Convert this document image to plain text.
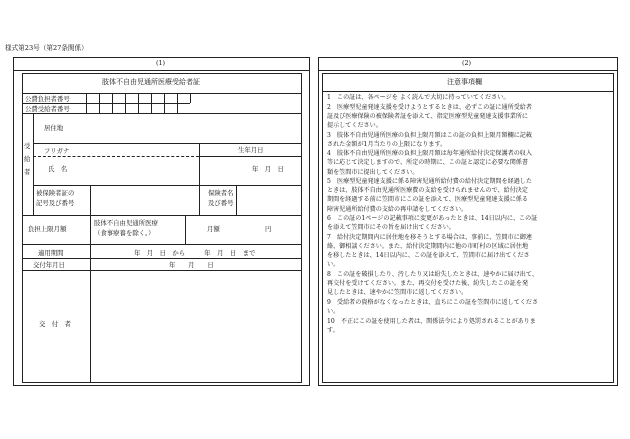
様式第23号（第27条関係）
(1)
肢体不自由児通所医療受給者証
公費負担者番号
公費受給者番号
受給者
居住地
フリガナ	生年月日
氏　名	年　月　日
被保険者証の
記号及び番号
保険者名
及び番号
負担上限月額
肢体不自由児通所医療
（食事療養を除く。）	月額	円
適用期間	年　月　日　から　　　年　月　日　まで
交付年月日	年　　月　　日
交　付　者
(2)
注意事項欄
1　この証は、各ページを よく読んで大切に持っていてください。
2　医療型児童発達支援を受けようとするときは、必ずこの証に通所受給者
証及び医療保険の被保険者証を添えて、指定医療型児童発達支援事業所に
提示してください。
3　肢体不自由児通所医療の負担上限月額はこの証の負担上限月額欄に記載
された金額が1月当たりの上限になります。
4　肢体不自由児通所医療の負担上限月額は毎年通所給付決定保護者の収入
等に応じて決定しますので、所定の時期に、この証と認定に必要な関係書
類を笠間市に提出してください。
5　医療型児童発達支援に係る障害児通所給付費の給付決定期間を経過した
ときは、肢体不自由児通所医療費の支給を受けられませんので、給付決定
期間を経過する前に笠間市にこの証を添えて、医療型児童発達支援に係る
障害児通所給付費の支給の再申請をしてください。
6　この証の1ページの記載事項に変更があったときは、14日以内に、この証
を添えて笠間市にその旨を届け出てください。
7　給付決定期間内に居住地を移そうとする場合は、事前に、笠間市に御連
絡、御相談ください。また、給付決定期間内に他の市町村の区域に居住地
を移したときは、14日以内に、この証を添えて、笠間市に届け出てくださ
い。
8　この証を破損したり、汚したり又は紛失したときは、速やかに届け出て、
再交付を受けてください。また、再交付を受けた後、紛失したこの証を発
見したときは、速やかに笠間市に返してください。
9　受給者の資格がなくなったときは、直ちにこの証を笠間市に返してくださ
い。
10　不正にこの証を使用した者は、関係法令により処罰されることがありま
す。
